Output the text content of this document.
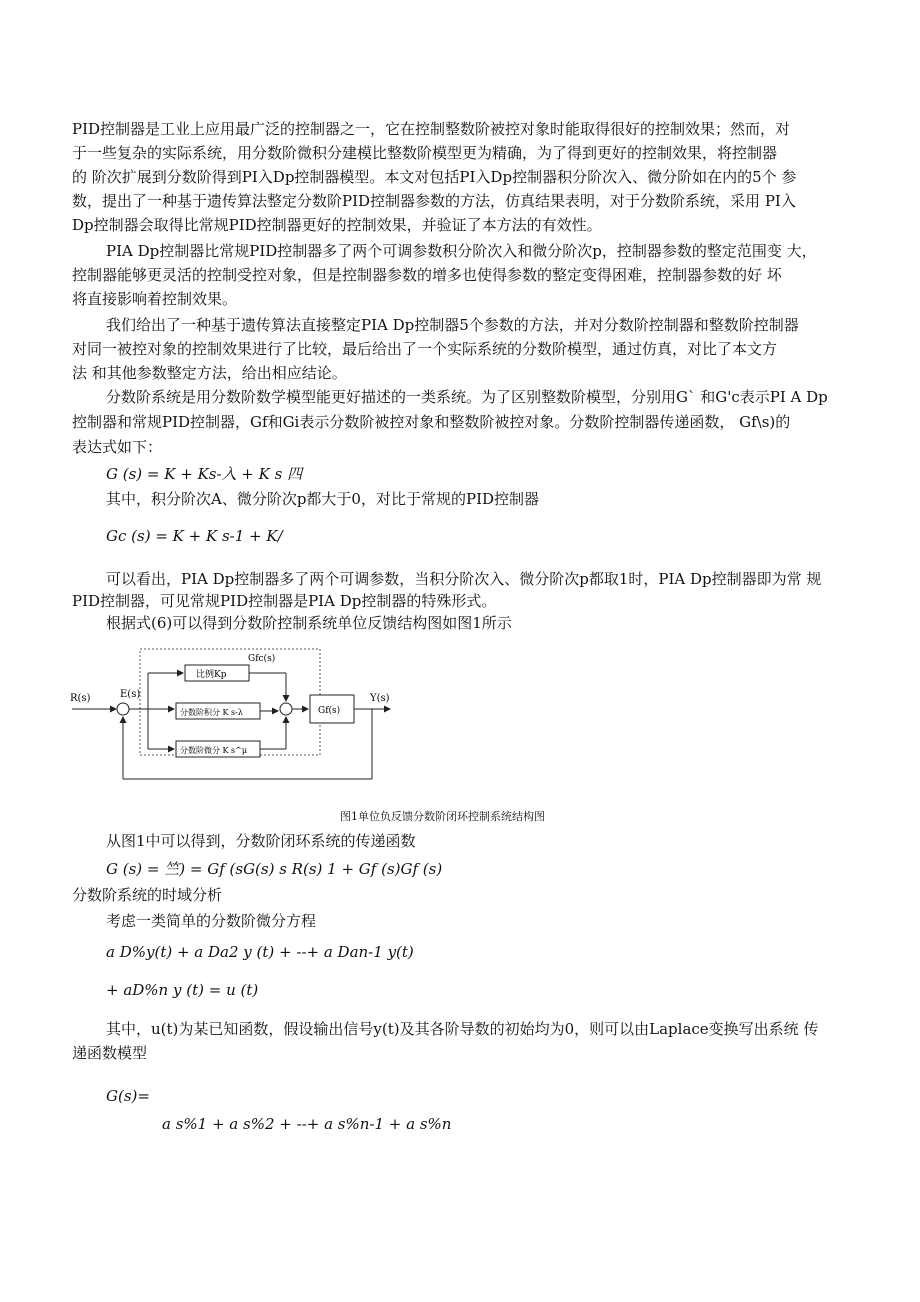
PID控制器是工业上应用最广泛的控制器之一，它在控制整数阶被控对象时能取得很好的控制效果；然而，对
于一些复杂的实际系统，用分数阶微积分建模比整数阶模型更为精确，为了得到更好的控制效果，将控制器
的 阶次扩展到分数阶得到PI入Dp控制器模型。本文对包括PI入Dp控制器积分阶次入、微分阶如在内的5个 参
数，提出了一种基于遗传算法整定分数阶PID控制器参数的方法，仿真结果表明，对于分数阶系统，采用 PI入
Dp控制器会取得比常规PID控制器更好的控制效果，并验证了本方法的有效性。
PIA Dp控制器比常规PID控制器多了两个可调参数积分阶次入和微分阶次p，控制器参数的整定范围变 大，
控制器能够更灵活的控制受控对象，但是控制器参数的增多也使得参数的整定变得困难，控制器参数的好 坏
将直接影响着控制效果。
我们给出了一种基于遗传算法直接整定PIA Dp控制器5个参数的方法，并对分数阶控制器和整数阶控制器
对同一被控对象的控制效果进行了比较，最后给出了一个实际系统的分数阶模型，通过仿真，对比了本文方
法 和其他参数整定方法，给出相应结论。
分数阶系统是用分数阶数学模型能更好描述的一类系统。为了区别整数阶模型，分别用G` 和G'c表示PI A Dp
控制器和常规PID控制器，Gf和Gi表示分数阶被控对象和整数阶被控对象。分数阶控制器传递函数， Gf\s)的
表达式如下：
G (s) = K + Ks-入 + K s 四
其中，积分阶次A、微分阶次p都大于0，对比于常规的PID控制器
Gc (s) = K + K s-1 + K/
可以看出，PIA Dp控制器多了两个可调参数，当积分阶次入、微分阶次p都取1时，PIA Dp控制器即为常 规
PID控制器，可见常规PID控制器是PIA Dp控制器的特殊形式。
根据式(6)可以得到分数阶控制系统单位反馈结构图如图1所示
R(s)	E(s)
Gfc(s)
比例Kp
分数阶积分 K s-λ
分数阶微分 K s^μ
Gf(s)
Y(s)
图1单位负反馈分数阶闭环控制系统结构图
从图1中可以得到，分数阶闭环系统的传递函数
G (s) = 竺) = Gf (sG(s) s R(s) 1 + Gf (s)Gf (s)
分数阶系统的时域分析
考虑一类简单的分数阶微分方程
a D%y(t) + a Da2 y (t) + --+ a Dan-1 y(t)
+ aD%n y (t) = u (t)
其中，u(t)为某已知函数，假设输出信号y(t)及其各阶导数的初始均为0，则可以由Laplace变换写出系统 传
递函数模型
G(s)=
a s%1 + a s%2 + --+ a s%n-1 + a s%n
